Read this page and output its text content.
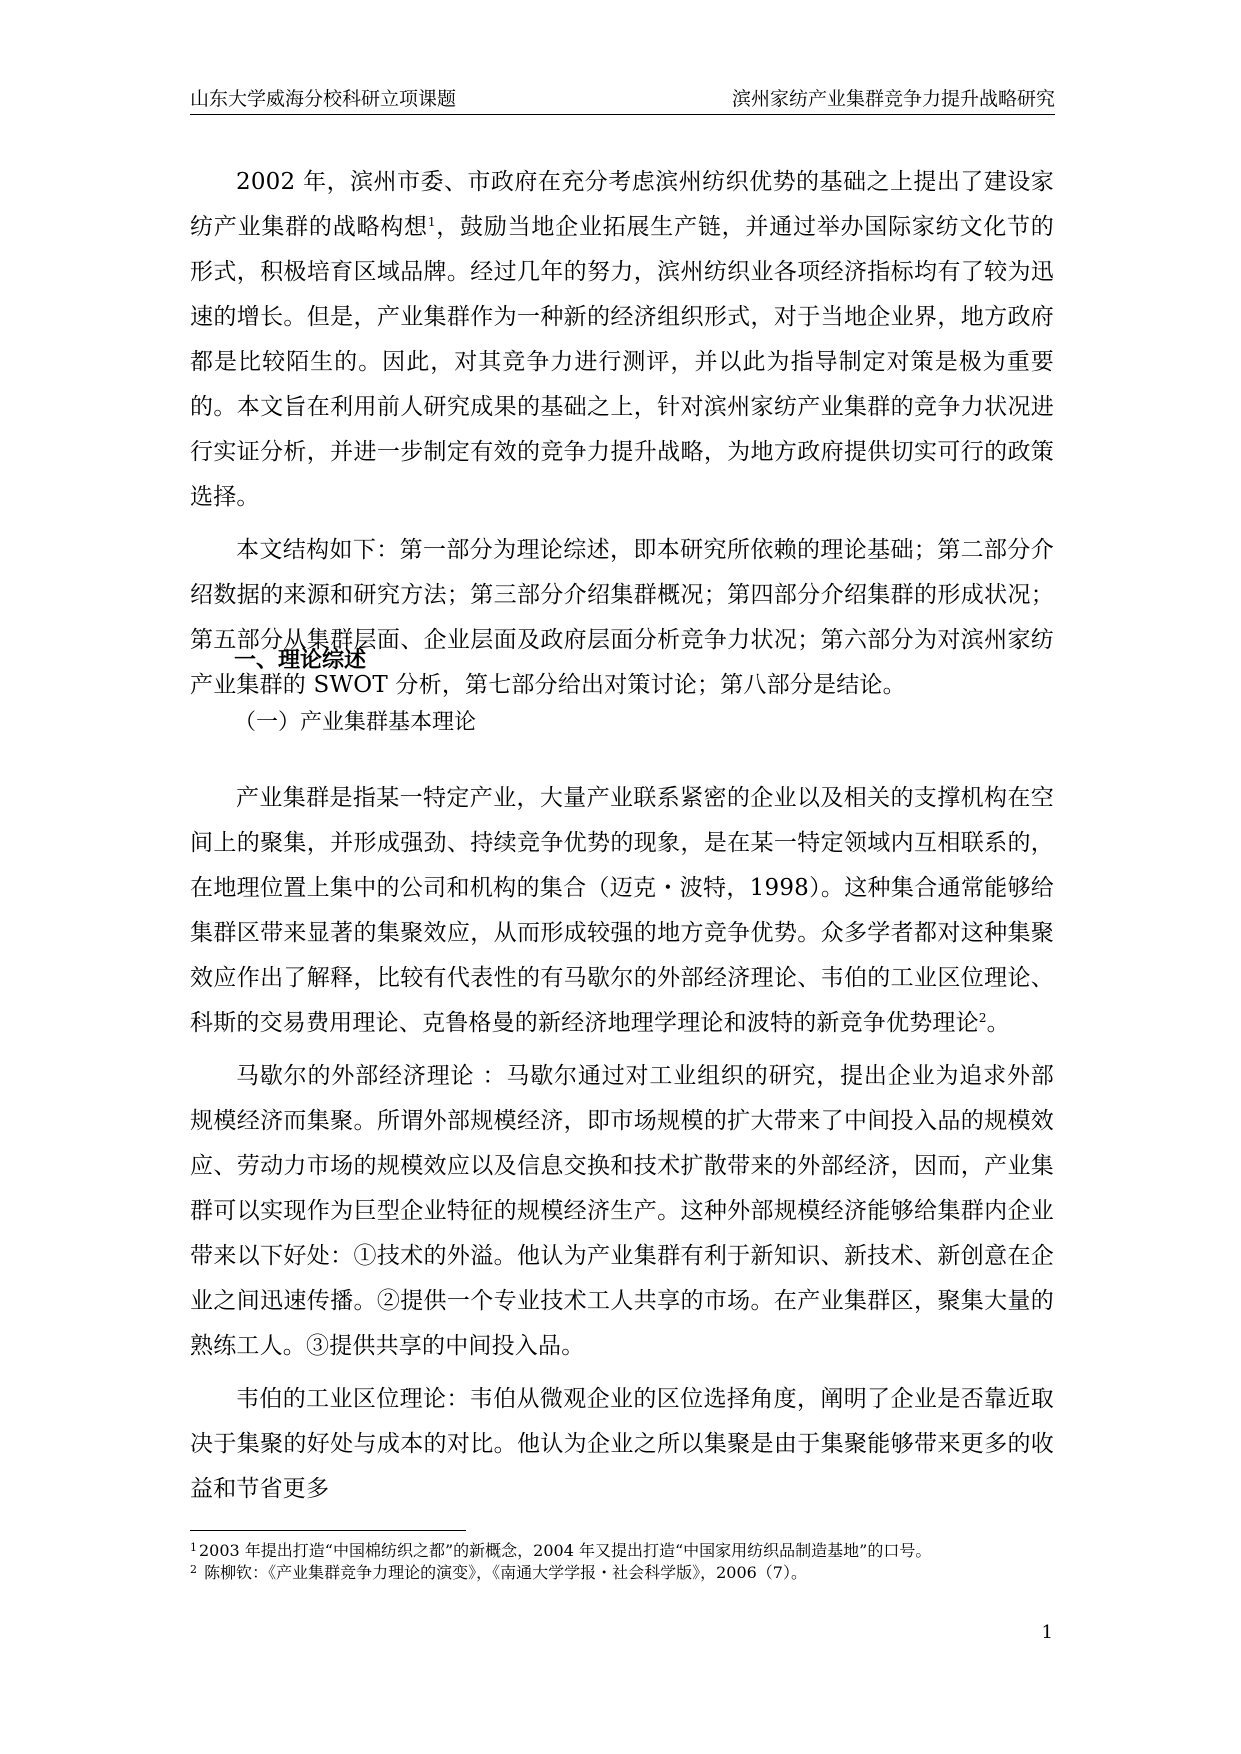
山东大学威海分校科研立项课题	滨州家纺产业集群竞争力提升战略研究

2002 年，滨州市委、市政府在充分考虑滨州纺织优势的基础之上提出了建设家纺产业集群的战略构想$^1$，鼓励当地企业拓展生产链，并通过举办国际家纺文化节的形式，积极培育区域品牌。经过几年的努力，滨州纺织业各项经济指标均有了较为迅速的增长。但是，产业集群作为一种新的经济组织形式，对于当地企业界，地方政府都是比较陌生的。因此，对其竞争力进行测评，并以此为指导制定对策是极为重要的。本文旨在利用前人研究成果的基础之上，针对滨州家纺产业集群的竞争力状况进行实证分析，并进一步制定有效的竞争力提升战略，为地方政府提供切实可行的政策选择。

本文结构如下：第一部分为理论综述，即本研究所依赖的理论基础；第二部分介绍数据的来源和研究方法；第三部分介绍集群概况；第四部分介绍集群的形成状况；第五部分从集群层面、企业层面及政府层面分析竞争力状况；第六部分为对滨州家纺产业集群的 SWOT 分析，第七部分给出对策讨论；第八部分是结论。

一、理论综述

（一）产业集群基本理论

产业集群是指某一特定产业，大量产业联系紧密的企业以及相关的支撑机构在空间上的聚集，并形成强劲、持续竞争优势的现象，是在某一特定领域内互相联系的，在地理位置上集中的公司和机构的集合（迈克・波特，1998）。这种集合通常能够给集群区带来显著的集聚效应，从而形成较强的地方竞争优势。众多学者都对这种集聚效应作出了解释，比较有代表性的有马歇尔的外部经济理论、韦伯的工业区位理论、科斯的交易费用理论、克鲁格曼的新经济地理学理论和波特的新竞争优势理论$^2$。

马歇尔的外部经济理论 ：马歇尔通过对工业组织的研究，提出企业为追求外部规模经济而集聚。所谓外部规模经济，即市场规模的扩大带来了中间投入品的规模效应、劳动力市场的规模效应以及信息交换和技术扩散带来的外部经济，因而，产业集群可以实现作为巨型企业特征的规模经济生产。这种外部规模经济能够给集群内企业带来以下好处：①技术的外溢。他认为产业集群有利于新知识、新技术、新创意在企业之间迅速传播。②提供一个专业技术工人共享的市场。在产业集群区，聚集大量的熟练工人。③提供共享的中间投入品。

韦伯的工业区位理论：韦伯从微观企业的区位选择角度，阐明了企业是否靠近取决于集聚的好处与成本的对比。他认为企业之所以集聚是由于集聚能够带来更多的收益和节省更多

$^1$ 2003 年提出打造“中国棉纺织之都”的新概念，2004 年又提出打造“中国家用纺织品制造基地”的口号。
$^2$ 陈柳钦：《产业集群竞争力理论的演变》，《南通大学学报・社会科学版》，2006（7）。
1
